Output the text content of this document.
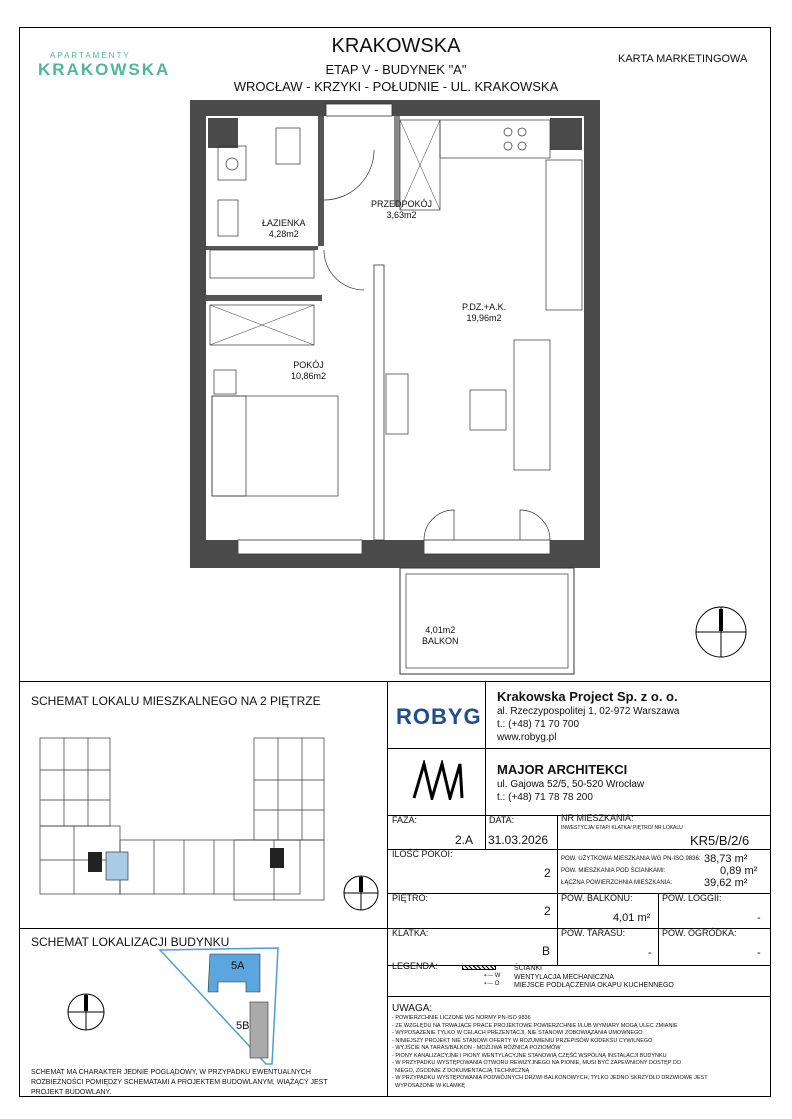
APARTAMENTY
KRAKOWSKA
KRAKOWSKA
ETAP V - BUDYNEK "A"
WROCŁAW - KRZYKI - POŁUDNIE - UL. KRAKOWSKA
KARTA MARKETINGOWA
ŁAZIENKA
4,28m2
PRZEDPOKÓJ
3,63m2
P.DZ.+A.K.
19,96m2
POKÓJ
10,86m2
4,01m2
BALKON
SCHEMAT LOKALU MIESZKALNEGO NA 2 PIĘTRZE
SCHEMAT LOKALIZACJI BUDYNKU
5A
5B
SCHEMAT MA CHARAKTER JEDNIE POGLĄDOWY, W PRZYPADKU EWENTUALNYCH ROZBIEŻNOŚCI POMIĘDZY SCHEMATAMI A PROJEKTEM BUDOWLANYM, WIĄŻĄCY JEST PROJEKT BUDOWLANY.
ROBYG
Krakowska Project Sp. z o. o.
al. Rzeczypospolitej 1, 02-972 Warszawa
t.: (+48) 71 70 700
www.robyg.pl
MAJOR ARCHITEKCI
ul. Gajowa 52/5, 50-520 Wrocław
t.: (+48) 71 78 78 200
FAZA:
2.A
DATA:
31.03.2026
NR MIESZKANIA:
INWESTYCJA/ ETAP/ KLATKA/ PIĘTRO/ NR LOKALU
KR5/B/2/6
ILOŚĆ POKOI:
2
POW. UŻYTKOWA MIESZKANIA WG PN-ISO 9836: 38,73 m²
POW. MIESZKANIA POD ŚCIANKAMI:	0,89 m²
ŁĄCZNA POWIERZCHNIA MIESZKANIA:	39,62 m²
PIĘTRO:
2
POW. BALKONU:
4,01 m²
POW. LOGGII:
-
KLATKA:
B
POW. TARASU:
-
POW. OGRÓDKA:
-
LEGENDA:	ŚCIANKI
⇠-- W WENTYLACJA MECHANICZNA
⇠-- O MIEJSCE PODŁĄCZENIA OKAPU KUCHENNEGO
UWAGA:
- POWIERZCHNIE LICZONE WG NORMY PN-ISO 9836
- ZE WZGLĘDU NA TRWAJĄCE PRACE PROJEKTOWE POWIERZCHNIE I/LUB WYMIARY MOGĄ ULEC ZMIANIE
- WYPOSAŻENIE TYLKO W CELACH PREZENTACJI, NIE STANOWI ZOBOWIĄZANIA UMOWNEGO
- NINIEJSZY PROJEKT NIE STANOWI OFERTY W ROZUMIENIU PRZEPISÓW KODEKSU CYWILNEGO
- WYJŚCIE NA TARAS/BALKON - MOŻLIWA RÓŻNICA POZIOMÓW
- PIONY KANALIZACYJNE I PIONY WENTYLACYJNE STANOWIĄ CZĘŚĆ WSPÓLNĄ INSTALACJI BUDYNKU
- W PRZYPADKU WYSTĘPOWANIA OTWORU REWIZYJNEGO NA PIONIE, MUSI BYĆ ZAPEWNIONY DOSTĘP DO
NIEGO, ZGODNIE Z DOKUMENTACJĄ TECHNICZNĄ
- W PRZYPADKU WYSTĘPOWANIA PODWÓJNYCH DRZWI BALKONOWYCH, TYLKO JEDNO SKRZYDŁO DRZWIOWE JEST
WYPOSAŻONE W KLAMKĘ
